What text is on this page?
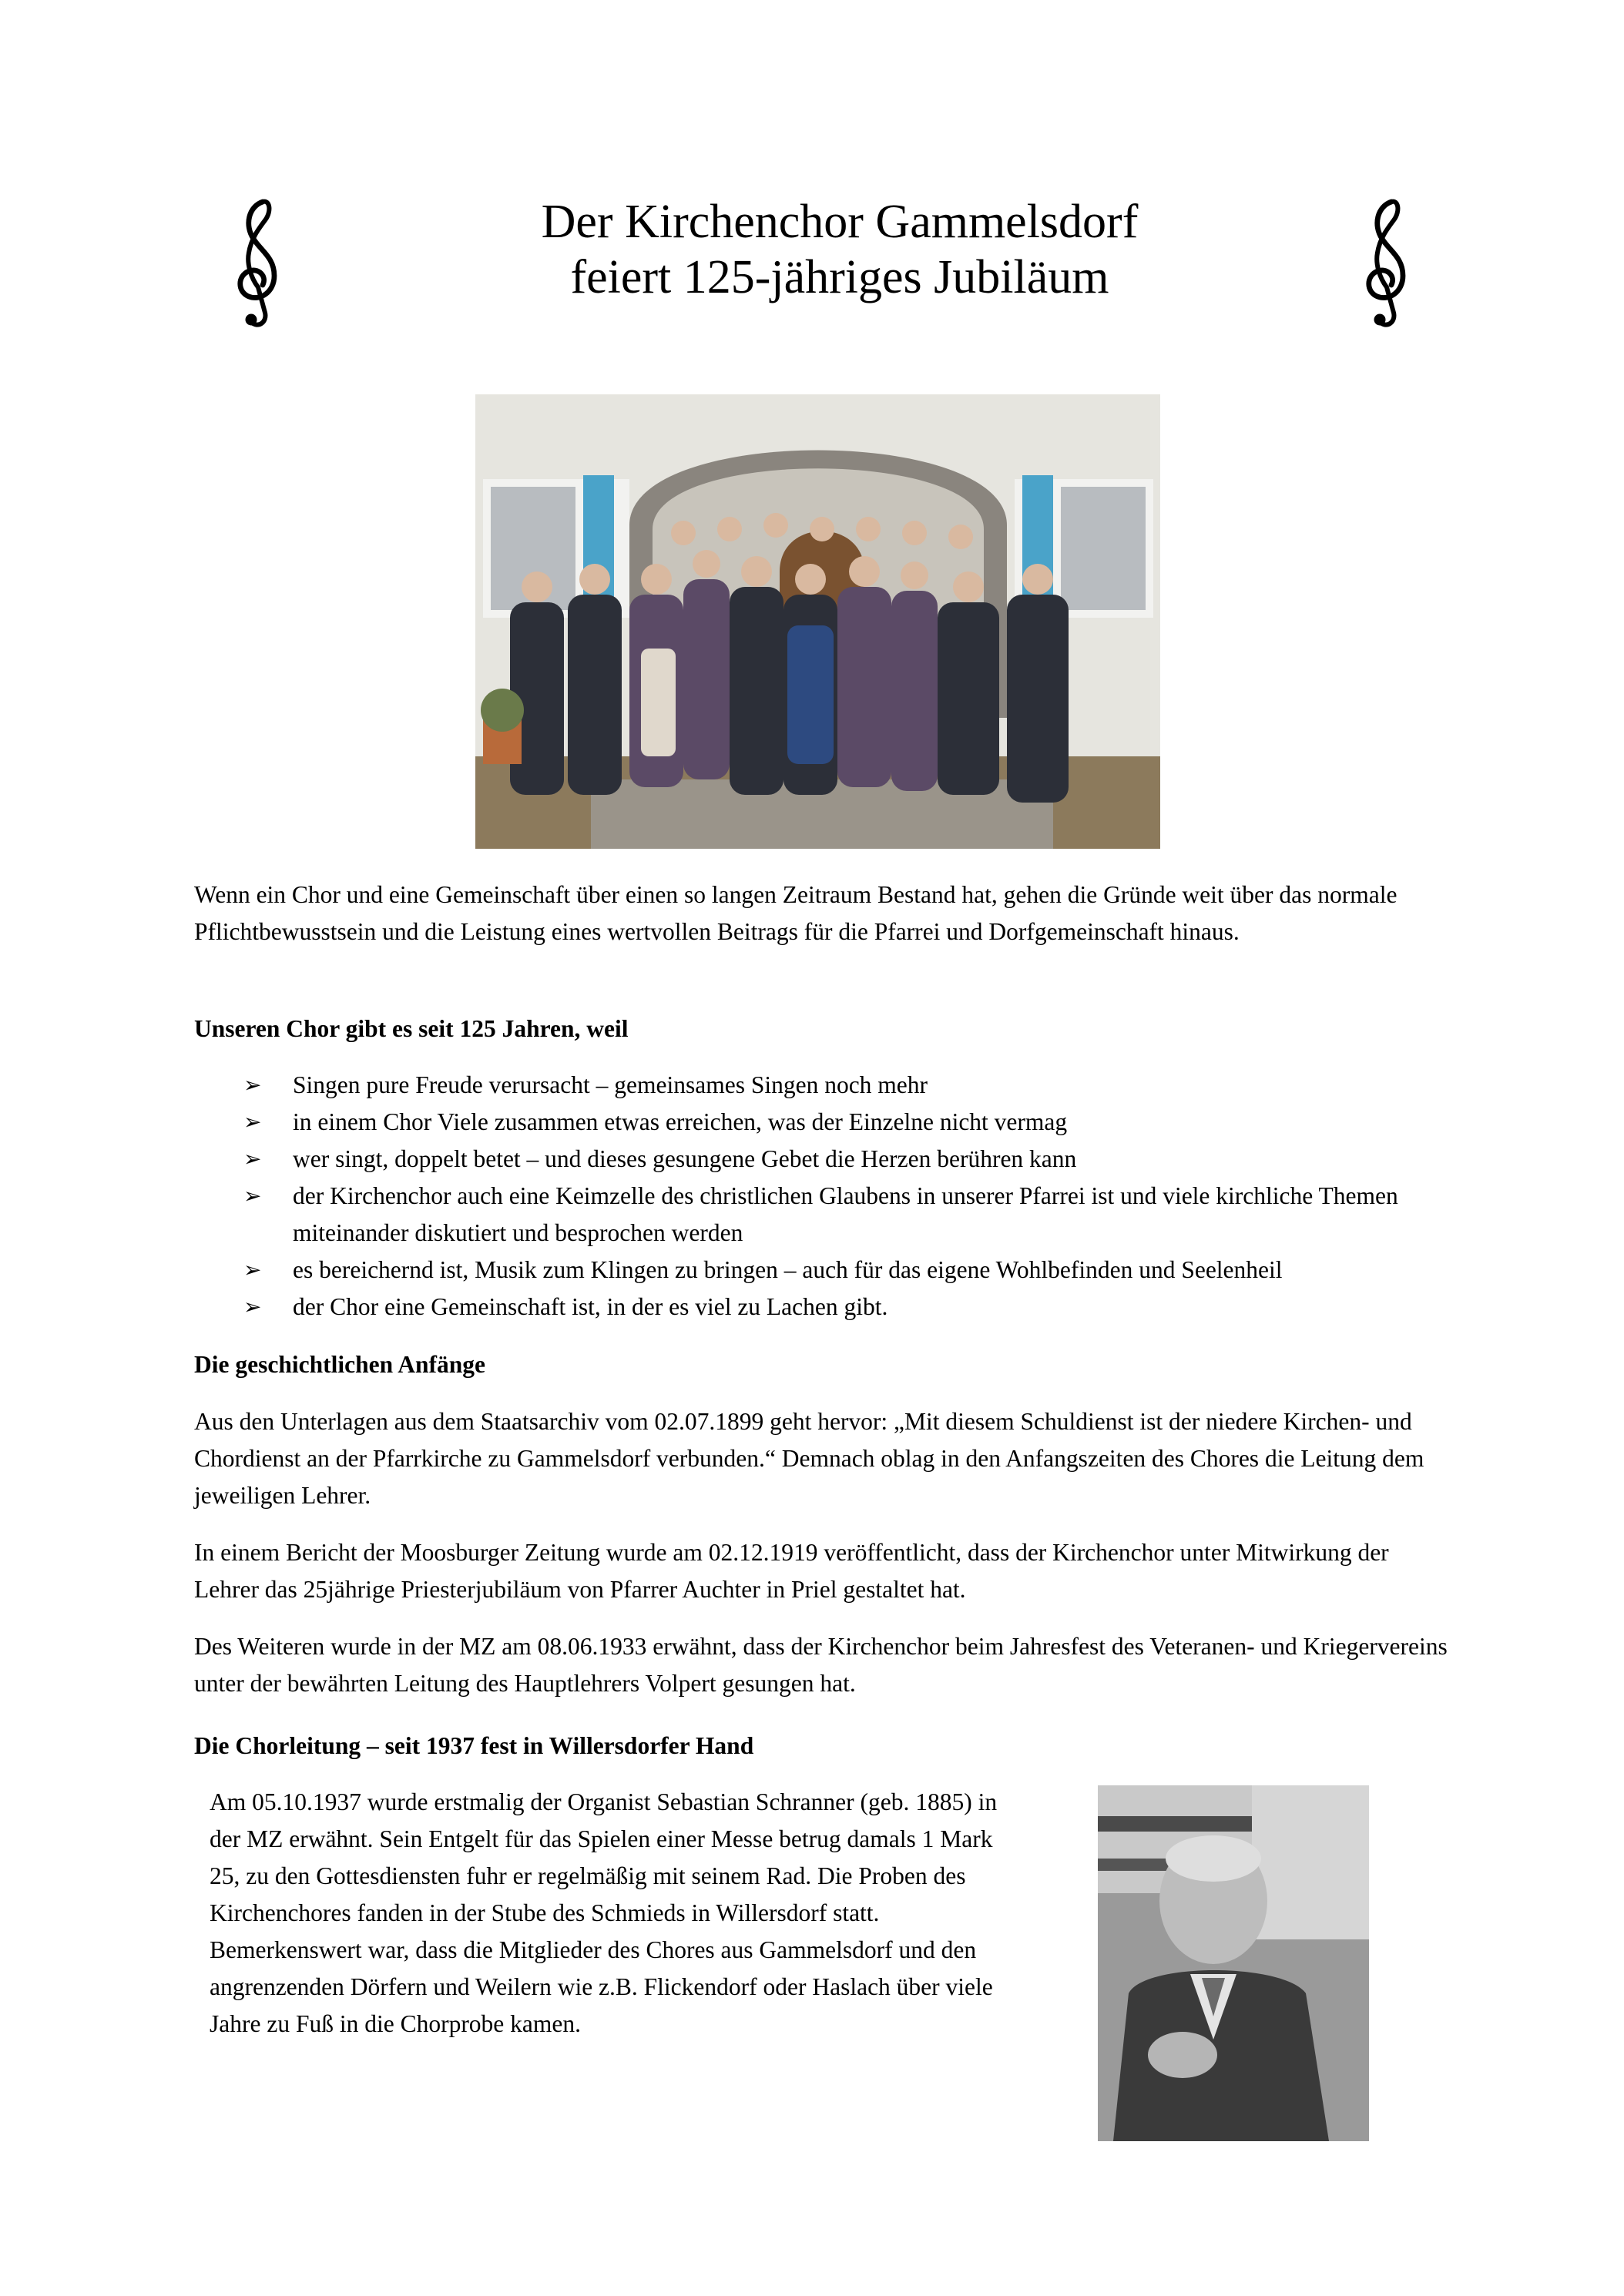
Der Kirchenchor Gammelsdorf
feiert 125-jähriges Jubiläum
Wenn ein Chor und eine Gemeinschaft über einen so langen Zeitraum Bestand hat, gehen die Gründe weit über das normale Pflichtbewusstsein und die Leistung eines wertvollen Beitrags für die Pfarrei und Dorfgemeinschaft hinaus.
Unseren Chor gibt es seit 125 Jahren, weil
➢ Singen pure Freude verursacht – gemeinsames Singen noch mehr
➢ in einem Chor Viele zusammen etwas erreichen, was der Einzelne nicht vermag
➢ wer singt, doppelt betet – und dieses gesungene Gebet die Herzen berühren kann
➢ der Kirchenchor auch eine Keimzelle des christlichen Glaubens in unserer Pfarrei ist und viele kirchliche Themen miteinander diskutiert und besprochen werden
➢ es bereichernd ist, Musik zum Klingen zu bringen – auch für das eigene Wohlbefinden und Seelenheil
➢ der Chor eine Gemeinschaft ist, in der es viel zu Lachen gibt.
Die geschichtlichen Anfänge
Aus den Unterlagen aus dem Staatsarchiv vom 02.07.1899 geht hervor: „Mit diesem Schuldienst ist der niedere Kirchen- und Chordienst an der Pfarrkirche zu Gammelsdorf verbunden.“ Demnach oblag in den Anfangszeiten des Chores die Leitung dem jeweiligen Lehrer.
In einem Bericht der Moosburger Zeitung wurde am 02.12.1919 veröffentlicht, dass der Kirchenchor unter Mitwirkung der Lehrer das 25jährige Priesterjubiläum von Pfarrer Auchter in Priel gestaltet hat.
Des Weiteren wurde in der MZ am 08.06.1933 erwähnt, dass der Kirchenchor beim Jahresfest des Veteranen- und Kriegervereins unter der bewährten Leitung des Hauptlehrers Volpert gesungen hat.
Die Chorleitung – seit 1937 fest in Willersdorfer Hand
Am 05.10.1937 wurde erstmalig der Organist Sebastian Schranner (geb. 1885) in der MZ erwähnt. Sein Entgelt für das Spielen einer Messe betrug damals 1 Mark 25, zu den Gottesdiensten fuhr er regelmäßig mit seinem Rad. Die Proben des Kirchenchores fanden in der Stube des Schmieds in Willersdorf statt. Bemerkenswert war, dass die Mitglieder des Chores aus Gammelsdorf und den angrenzenden Dörfern und Weilern wie z.B. Flickendorf oder Haslach über viele Jahre zu Fuß in die Chorprobe kamen.
